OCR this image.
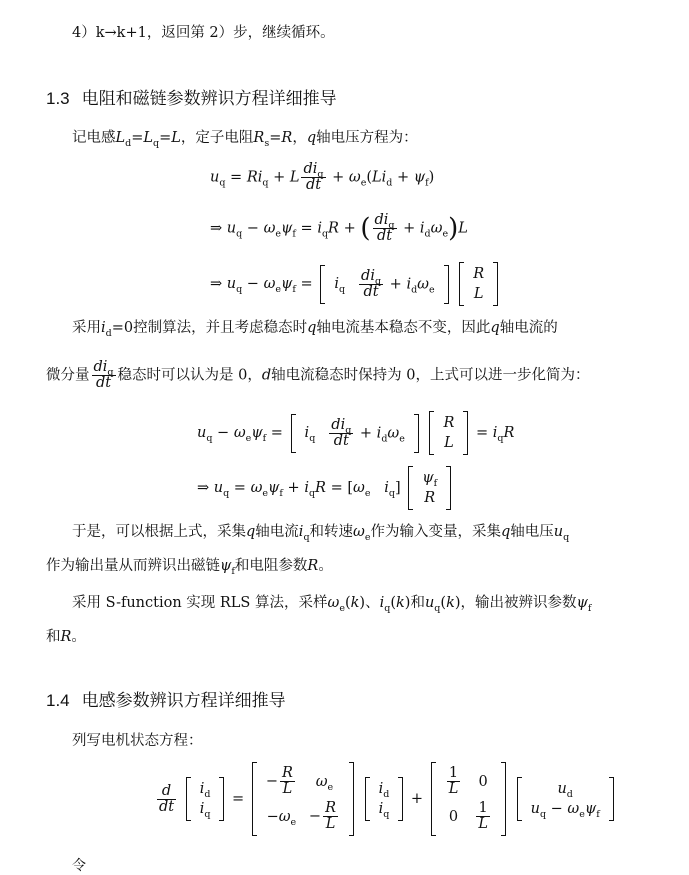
4）k→k+1，返回第 2）步，继续循环。
1.3 电阻和磁链参数辨识方程详细推导
记电感$L_d=L_q=L$，定子电阻$R_s=R$，q轴电压方程为：
$u_q = Ri_q + L \frac{di_q}{dt} + \omega_e(Li_d + \psi_f)$
⇒ $u_q - \omega_e\psi_f = i_qR$ + ( $\frac{di_q}{dt} + i_d\omega_e)L$
⇒ $u_q - \omega_e\psi_f = i_q$	$\frac{di_q}{dt} + i_d\omega_e$

R
L
采用$i_d=0$控制算法，并且考虑稳态时q轴电流基本稳态不变，因此q轴电流的
微分量 $\frac{di_q}{dt}$ 稳态时可以认为是 0，d轴电流稳态时保持为 0，上式可以进一步化简为：
$u_q - \omega_e\psi_f = i_q$	$\frac{di_q}{dt} + i_d\omega_e$

R
L
= $i_qR$
⇒ $u_q = \omega_e\psi_f + i_qR = [\omega_e$ $i_q$]
$\psi_f$
R
于是，可以根据上式，采集q轴电流$i_q$和转速$\omega_e$作为输入变量，采集q轴电压$u_q$
作为输出量从而辨识出磁链$\psi_f$和电阻参数R。
采用 S-function 实现 RLS 算法，采样$\omega_e(k)$、$i_q(k)$和$u_q(k)$，输出被辨识参数$\psi_f$
和R。
1.4 电感参数辨识方程详细推导
列写电机状态方程：
$\frac{d}{dt}$
$i_d$
$i_q$
=
− $\frac{R}{L}$	$\omega_e$
$-\omega_e$	− $\frac{R}{L}$

$i_d$
$i_q$
+
$\frac{1}{L}$	0
0	$\frac{1}{L}$

$u_d$
$u_q - \omega_e\psi_f$
令
